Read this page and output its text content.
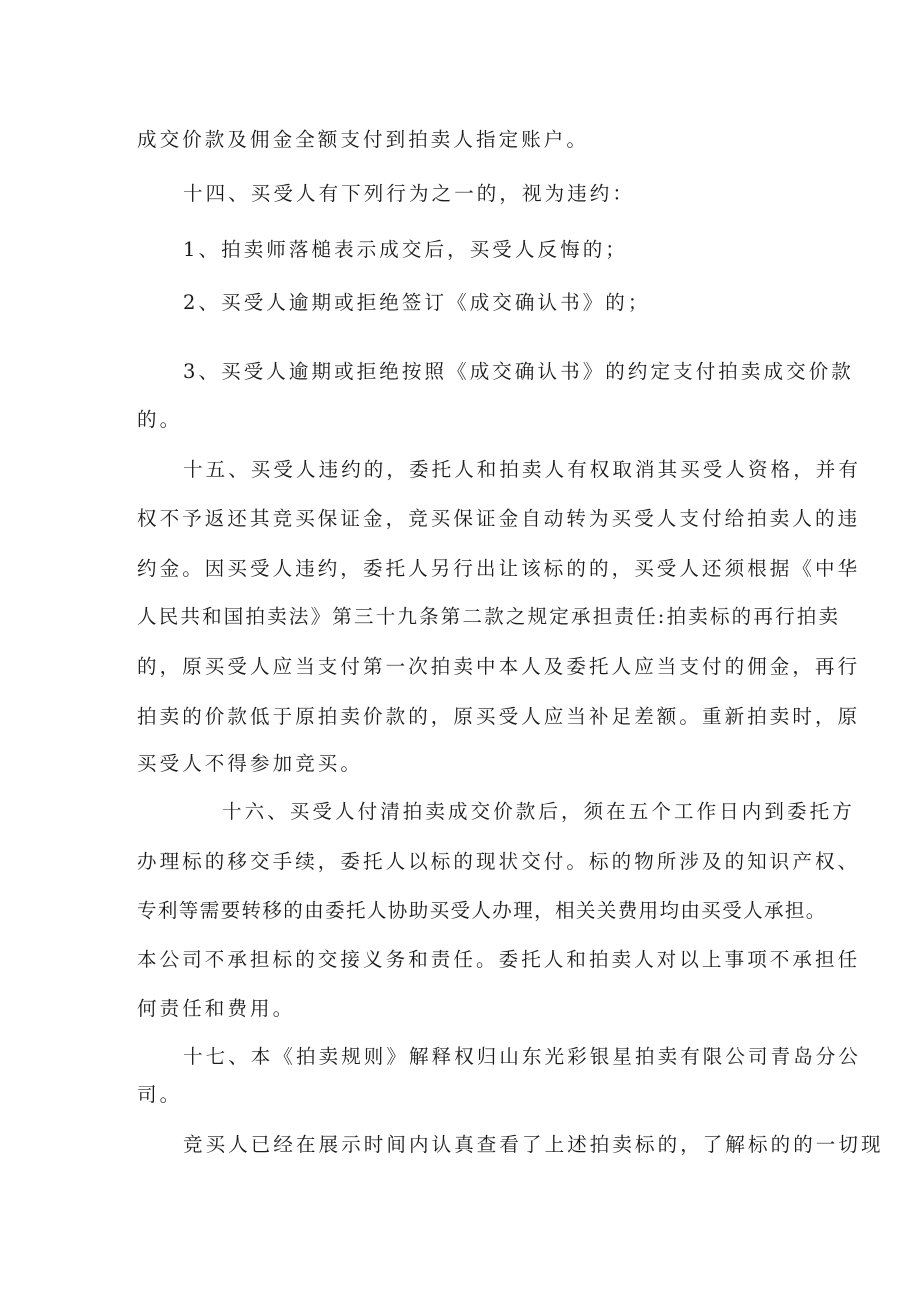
成交价款及佣金全额支付到拍卖人指定账户。
十四、买受人有下列行为之一的，视为违约：
1、拍卖师落槌表示成交后，买受人反悔的；
2、买受人逾期或拒绝签订《成交确认书》的；
3、买受人逾期或拒绝按照《成交确认书》的约定支付拍卖成交价款
的。
十五、买受人违约的，委托人和拍卖人有权取消其买受人资格，并有
权不予返还其竞买保证金，竞买保证金自动转为买受人支付给拍卖人的违
约金。因买受人违约，委托人另行出让该标的的，买受人还须根据《中华
人民共和国拍卖法》第三十九条第二款之规定承担责任:拍卖标的再行拍卖
的，原买受人应当支付第一次拍卖中本人及委托人应当支付的佣金，再行
拍卖的价款低于原拍卖价款的，原买受人应当补足差额。重新拍卖时，原
买受人不得参加竞买。
十六、买受人付清拍卖成交价款后，须在五个工作日内到委托方
办理标的移交手续，委托人以标的现状交付。标的物所涉及的知识产权、
专利等需要转移的由委托人协助买受人办理，相关关费用均由买受人承担。
本公司不承担标的交接义务和责任。委托人和拍卖人对以上事项不承担任
何责任和费用。
十七、本《拍卖规则》解释权归山东光彩银星拍卖有限公司青岛分公
司。
竞买人已经在展示时间内认真查看了上述拍卖标的，了解标的的一切现
